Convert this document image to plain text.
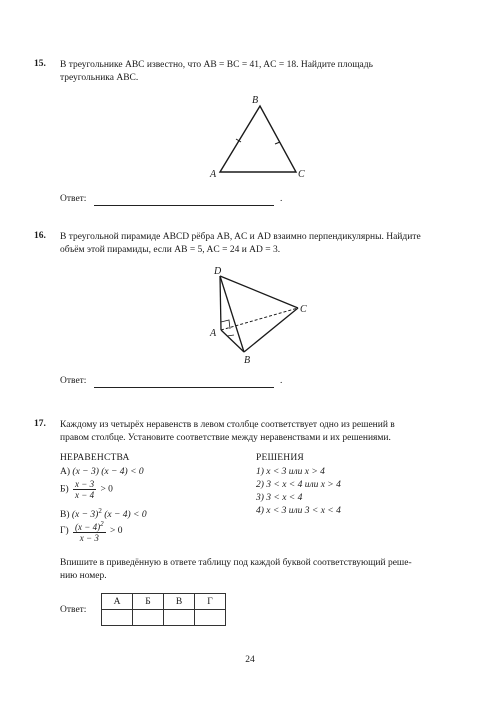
15. В треугольнике ABC известно, что AB = BC = 41, AC = 18. Найдите площадь
треугольника ABC.
A
B
C
Ответ:	.
16. В треугольной пирамиде ABCD рёбра AB, AC и AD взаимно перпендикулярны. Найдите
объём этой пирамиды, если AB = 5, AC = 24 и AD = 3.
D
A
B
C
Ответ:	.
17. Каждому из четырёх неравенств в левом столбце соответствует одно из решений в
правом столбце. Установите соответствие между неравенствами и их решениями.
НЕРАВЕНСТВА	РЕШЕНИЯ
А) (x − 3) (x − 4) < 0
$Б) \frac{x - 3}{x - 4} > 0$
В) $(x - 3)^2$ (x − 4) < 0
$Г) \frac{(x - 4)^2}{x - 3} > 0$
1) x < 3 или x > 4
2) 3 < x < 4 или x > 4
3) 3 < x < 4
4) x < 3 или 3 < x < 4
Впишите в приведённую в ответе таблицу под каждой буквой соответствующий реше-
нию номер.
Ответ:
А	Б	В	Г

24
